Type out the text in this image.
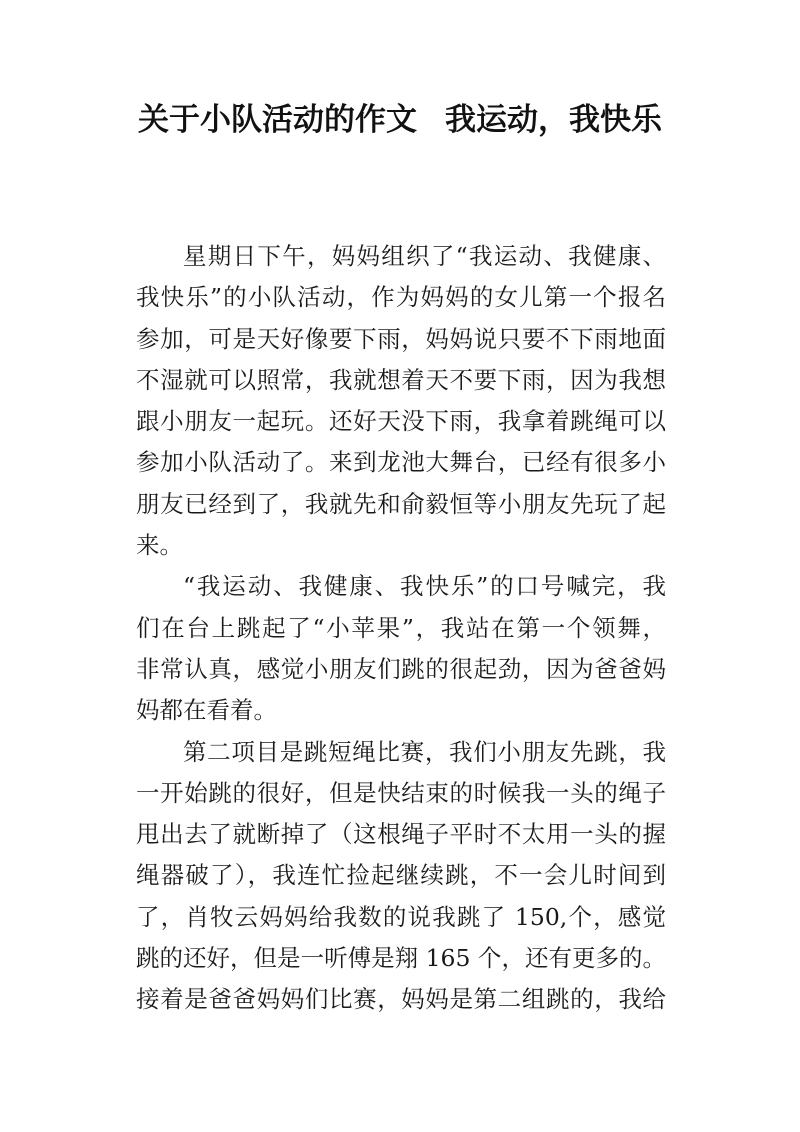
关于小队活动的作文 我运动，我快乐
星期日下午，妈妈组织了“我运动、我健康、
我快乐”的小队活动，作为妈妈的女儿第一个报名
参加，可是天好像要下雨，妈妈说只要不下雨地面
不湿就可以照常，我就想着天不要下雨，因为我想
跟小朋友一起玩。还好天没下雨，我拿着跳绳可以
参加小队活动了。来到龙池大舞台，已经有很多小
朋友已经到了，我就先和俞毅恒等小朋友先玩了起
来。
“我运动、我健康、我快乐”的口号喊完，我
们在台上跳起了“小苹果”，我站在第一个领舞，
非常认真，感觉小朋友们跳的很起劲，因为爸爸妈
妈都在看着。
第二项目是跳短绳比赛，我们小朋友先跳，我
一开始跳的很好，但是快结束的时候我一头的绳子
甩出去了就断掉了（这根绳子平时不太用一头的握
绳器破了），我连忙捡起继续跳，不一会儿时间到
了，肖牧云妈妈给我数的说我跳了 150,个，感觉
跳的还好，但是一听傅是翔 165 个，还有更多的。
接着是爸爸妈妈们比赛，妈妈是第二组跳的，我给
